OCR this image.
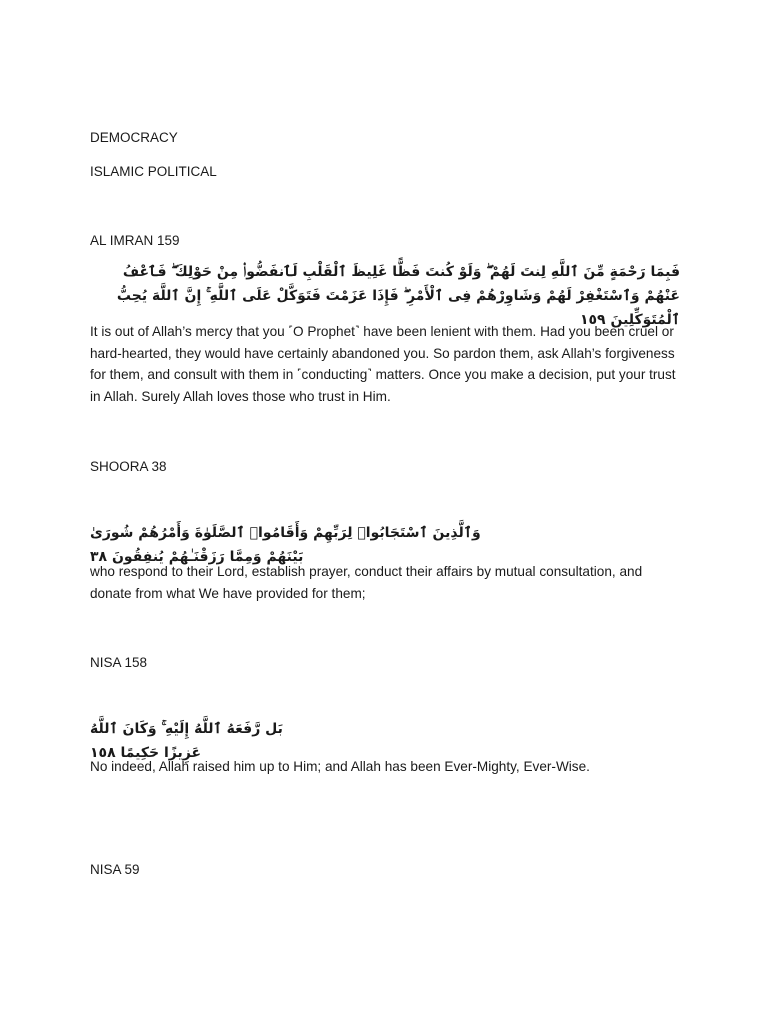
DEMOCRACY

ISLAMIC POLITICAL

AL IMRAN 159

فَبِمَا رَحْمَةٍ مِّنَ ٱللَّهِ لِنتَ لَهُمْ ۖ وَلَوْ كُنتَ فَظًّا غَلِيظَ ٱلْقَلْبِ لَٱنفَضُّوا۟ مِنْ حَوْلِكَ ۖ فَٱعْفُ عَنْهُمْ وَٱسْتَغْفِرْ لَهُمْ وَشَاوِرْهُمْ فِى ٱلْأَمْرِ ۖ فَإِذَا عَزَمْتَ فَتَوَكَّلْ عَلَى ٱللَّهِ ۚ إِنَّ ٱللَّهَ يُحِبُّ ٱلْمُتَوَكِّلِينَ ١٥٩

It is out of Allah’s mercy that you ˹O Prophet˺ have been lenient with them. Had you been cruel or hard-hearted, they would have certainly abandoned you. So pardon them, ask Allah’s forgiveness for them, and consult with them in ˹conducting˺ matters. Once you make a decision, put your trust in Allah. Surely Allah loves those who trust in Him.

SHOORA 38

وَٱلَّذِينَ ٱسْتَجَابُوا۟ لِرَبِّهِمْ وَأَقَامُوا۟ ٱلصَّلَوٰةَ وَأَمْرُهُمْ شُورَىٰ بَيْنَهُمْ وَمِمَّا رَزَقْنَـٰهُمْ يُنفِقُونَ ٣٨

who respond to their Lord, establish prayer, conduct their affairs by mutual consultation, and donate from what We have provided for them;

NISA 158

بَل رَّفَعَهُ ٱللَّهُ إِلَيْهِ ۚ وَكَانَ ٱللَّهُ عَزِيزًا حَكِيمًا ١٥٨

No indeed, Allah raised him up to Him; and Allah has been Ever-Mighty, Ever-Wise.

NISA 59
